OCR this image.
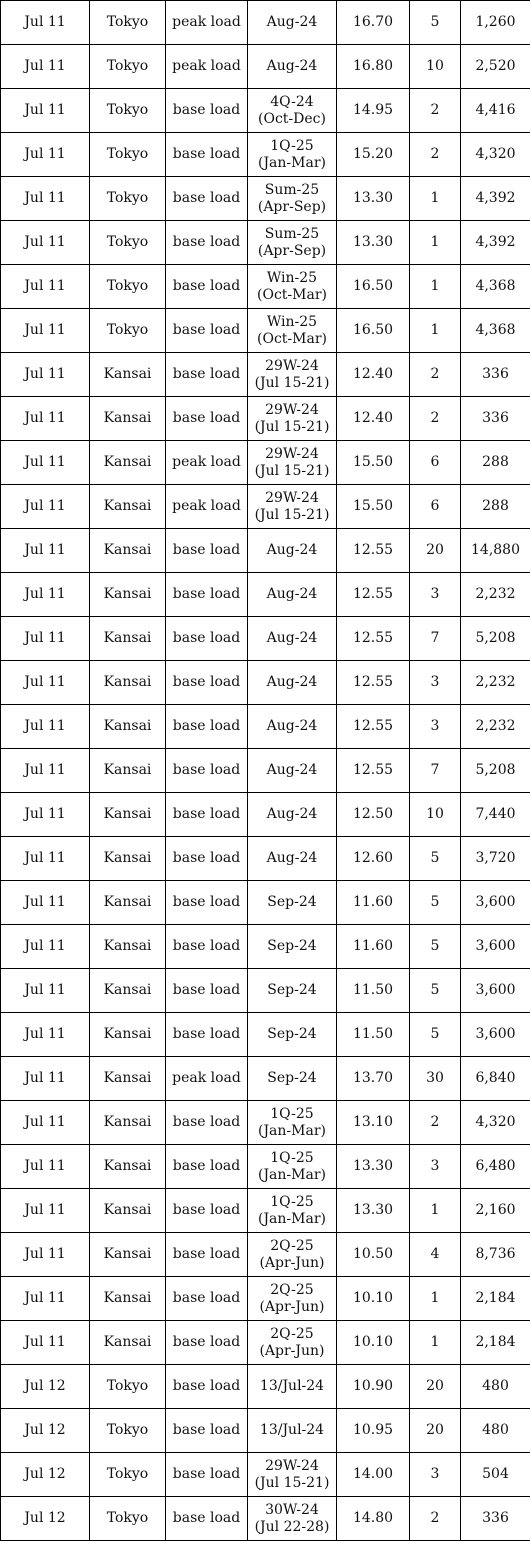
Jul 11	Tokyo	peak load	Aug-24	16.70	5	1,260
Jul 11	Tokyo	peak load	Aug-24	16.80	10	2,520
Jul 11	Tokyo	base load	4Q-24
(Oct-Dec)	14.95	2	4,416
Jul 11	Tokyo	base load	1Q-25
(Jan-Mar)	15.20	2	4,320
Jul 11	Tokyo	base load	Sum-25
(Apr-Sep)	13.30	1	4,392
Jul 11	Tokyo	base load	Sum-25
(Apr-Sep)	13.30	1	4,392
Jul 11	Tokyo	base load	Win-25
(Oct-Mar)	16.50	1	4,368
Jul 11	Tokyo	base load	Win-25
(Oct-Mar)	16.50	1	4,368
Jul 11	Kansai	base load	29W-24
(Jul 15-21)	12.40	2	336
Jul 11	Kansai	base load	29W-24
(Jul 15-21)	12.40	2	336
Jul 11	Kansai	peak load	29W-24
(Jul 15-21)	15.50	6	288
Jul 11	Kansai	peak load	29W-24
(Jul 15-21)	15.50	6	288
Jul 11	Kansai	base load	Aug-24	12.55	20	14,880
Jul 11	Kansai	base load	Aug-24	12.55	3	2,232
Jul 11	Kansai	base load	Aug-24	12.55	7	5,208
Jul 11	Kansai	base load	Aug-24	12.55	3	2,232
Jul 11	Kansai	base load	Aug-24	12.55	3	2,232
Jul 11	Kansai	base load	Aug-24	12.55	7	5,208
Jul 11	Kansai	base load	Aug-24	12.50	10	7,440
Jul 11	Kansai	base load	Aug-24	12.60	5	3,720
Jul 11	Kansai	base load	Sep-24	11.60	5	3,600
Jul 11	Kansai	base load	Sep-24	11.60	5	3,600
Jul 11	Kansai	base load	Sep-24	11.50	5	3,600
Jul 11	Kansai	base load	Sep-24	11.50	5	3,600
Jul 11	Kansai	peak load	Sep-24	13.70	30	6,840
Jul 11	Kansai	base load	1Q-25
(Jan-Mar)	13.10	2	4,320
Jul 11	Kansai	base load	1Q-25
(Jan-Mar)	13.30	3	6,480
Jul 11	Kansai	base load	1Q-25
(Jan-Mar)	13.30	1	2,160
Jul 11	Kansai	base load	2Q-25
(Apr-Jun)	10.50	4	8,736
Jul 11	Kansai	base load	2Q-25
(Apr-Jun)	10.10	1	2,184
Jul 11	Kansai	base load	2Q-25
(Apr-Jun)	10.10	1	2,184
Jul 12	Tokyo	base load	13/Jul-24	10.90	20	480
Jul 12	Tokyo	base load	13/Jul-24	10.95	20	480
Jul 12	Tokyo	base load	29W-24
(Jul 15-21)	14.00	3	504
Jul 12	Tokyo	base load	30W-24
(Jul 22-28)	14.80	2	336
